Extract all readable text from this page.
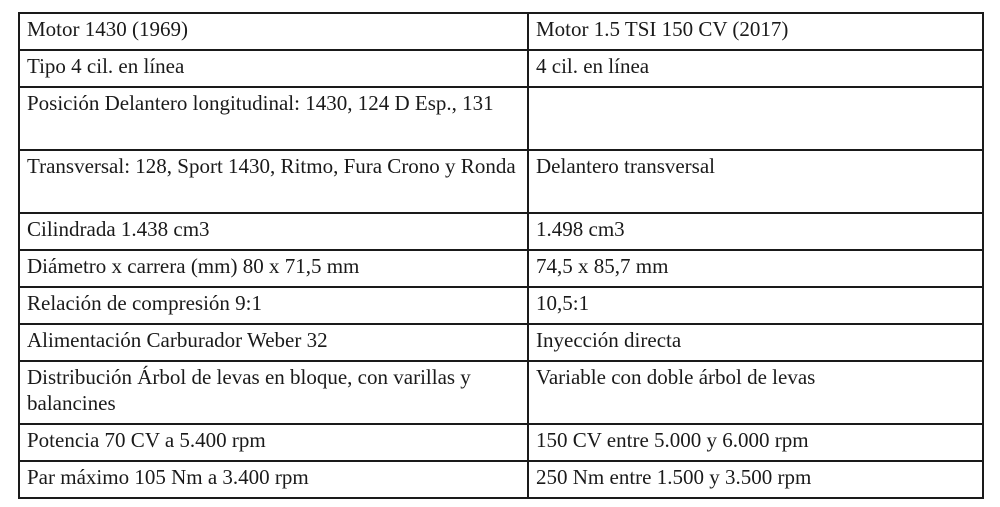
Motor 1430 (1969)	Motor 1.5 TSI 150 CV (2017)
Tipo 4 cil. en línea	4 cil. en línea
Posición Delantero longitudinal: 1430, 124 D Esp., 131	
Transversal: 128, Sport 1430, Ritmo, Fura Crono y Ronda	Delantero transversal
Cilindrada 1.438 cm3	1.498 cm3
Diámetro x carrera (mm) 80 x 71,5 mm	74,5 x 85,7 mm
Relación de compresión 9:1	10,5:1
Alimentación Carburador Weber 32	Inyección directa
Distribución Árbol de levas en bloque, con varillas y balancines	Variable con doble árbol de levas
Potencia 70 CV a 5.400 rpm	150 CV entre 5.000 y 6.000 rpm
Par máximo 105 Nm a 3.400 rpm	250 Nm entre 1.500 y 3.500 rpm
